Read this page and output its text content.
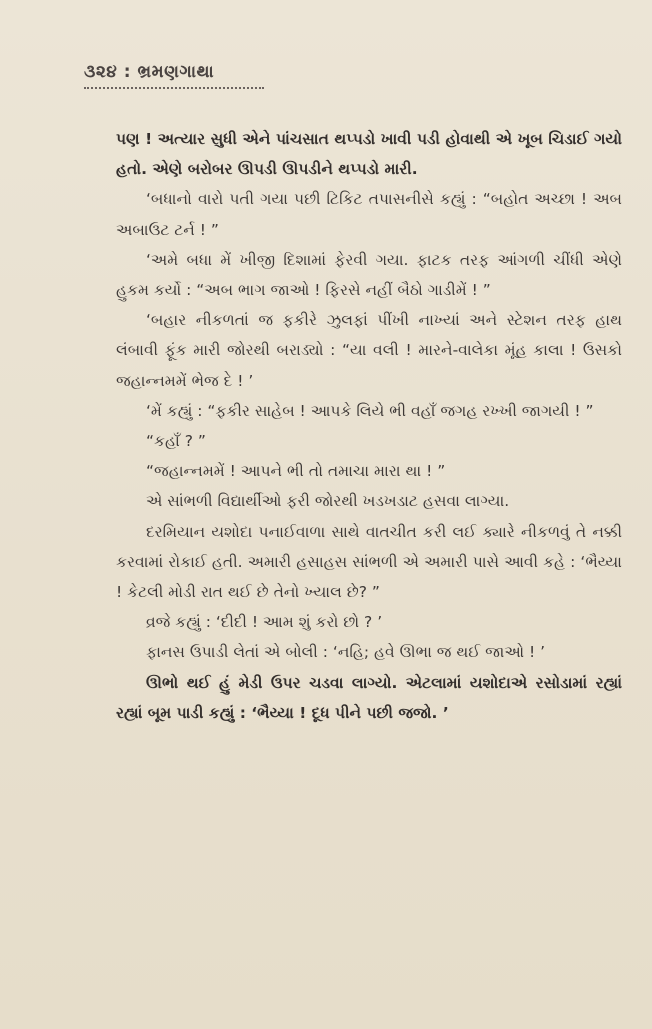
૩૨૪ : ભ્રમણગાથા

પણ ! અત્યાર સુધી એને પાંચસાત થપ્પડો ખાવી પડી હોવાથી એ ખૂબ ચિડાઈ ગયો હતો. એણે બરોબર ઊપડી ઊપડીને થપ્પડો મારી.

‘બધાનો વારો પતી ગયા પછી ટિકિટ તપાસનીસે કહ્યું : “બહોત અચ્છા ! અબ અબાઉટ ટર્ન ! ”

‘અમે બધા મેં ખીજી દિશામાં ફેરવી ગયા. ફાટક તરફ આંગળી ચીંધી એણે હુકમ કર્યો : “અબ ભાગ જાઓ ! ફિરસે નહીં બૈઠો ગાડીમેં ! ”

‘બહાર નીકળતાં જ ફકીરે ઝુલફાં પીંખી નાખ્યાં અને સ્ટેશન તરફ હાથ લંબાવી ફૂંક મારી જોરથી બરાડ્યો : “યા વલી ! મારને-વાલેકા મૂંહ કાલા ! ઉસકો જહાન્નમમેં ભેજ દે ! ’

‘મેં કહ્યું : “ફકીર સાહેબ ! આપકે લિયે ભી વહાઁ જગહ રખ્ખી જાગયી ! ”

“કહાઁ ? ”

“જહાન્નમમેં ! આપને ભી તો તમાચા મારા થા ! ”

એ સાંભળી વિદ્યાર્થીઓ ફરી જોરથી ખડખડાટ હસવા લાગ્યા.

દરમિયાન યશોદા પનાઈવાળા સાથે વાતચીત કરી લઈ ક્યારે નીકળવું તે નક્કી કરવામાં રોકાઈ હતી. અમારી હસાહસ સાંભળી એ અમારી પાસે આવી કહે : ‘ભૈય્યા ! કેટલી મોડી રાત થઈ છે તેનો ખ્યાલ છે? ”

વ્રજે કહ્યું : ‘દીદી ! આમ શું કરો છો ? ’

ફાનસ ઉપાડી લેતાં એ બોલી : ‘નહિ; હવે ઊભા જ થઈ જાઓ ! ’

ઊભો થઈ હું મેડી ઉપર ચડવા લાગ્યો. એટલામાં યશોદાએ રસોડામાં રહ્યાં રહ્યાં બૂમ પાડી કહ્યું : ‘ભૈય્યા ! દૂધ પીને પછી જજો. ’
